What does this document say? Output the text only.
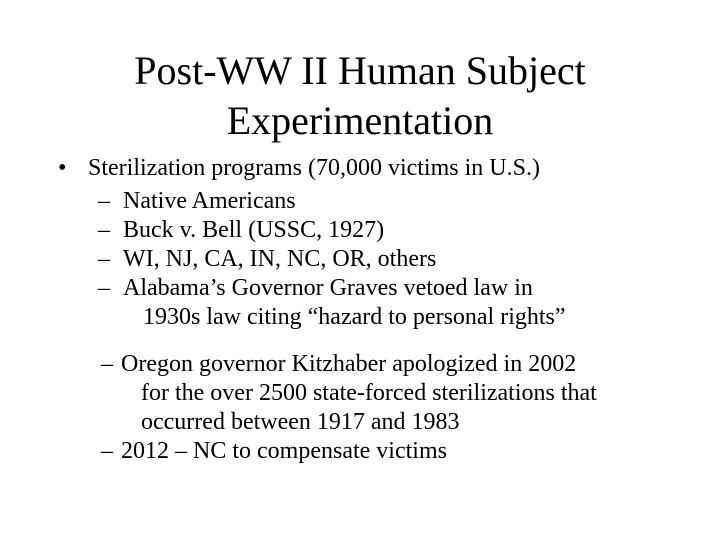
Post-WW II Human Subject
Experimentation
• Sterilization programs (70,000 victims in U.S.)
– Native Americans
– Buck v. Bell (USSC, 1927)
– WI, NJ, CA, IN, NC, OR, others
– Alabama’s Governor Graves vetoed law in
1930s law citing “hazard to personal rights”
– Oregon governor Kitzhaber apologized in 2002
for the over 2500 state-forced sterilizations that
occurred between 1917 and 1983
– 2012 – NC to compensate victims
